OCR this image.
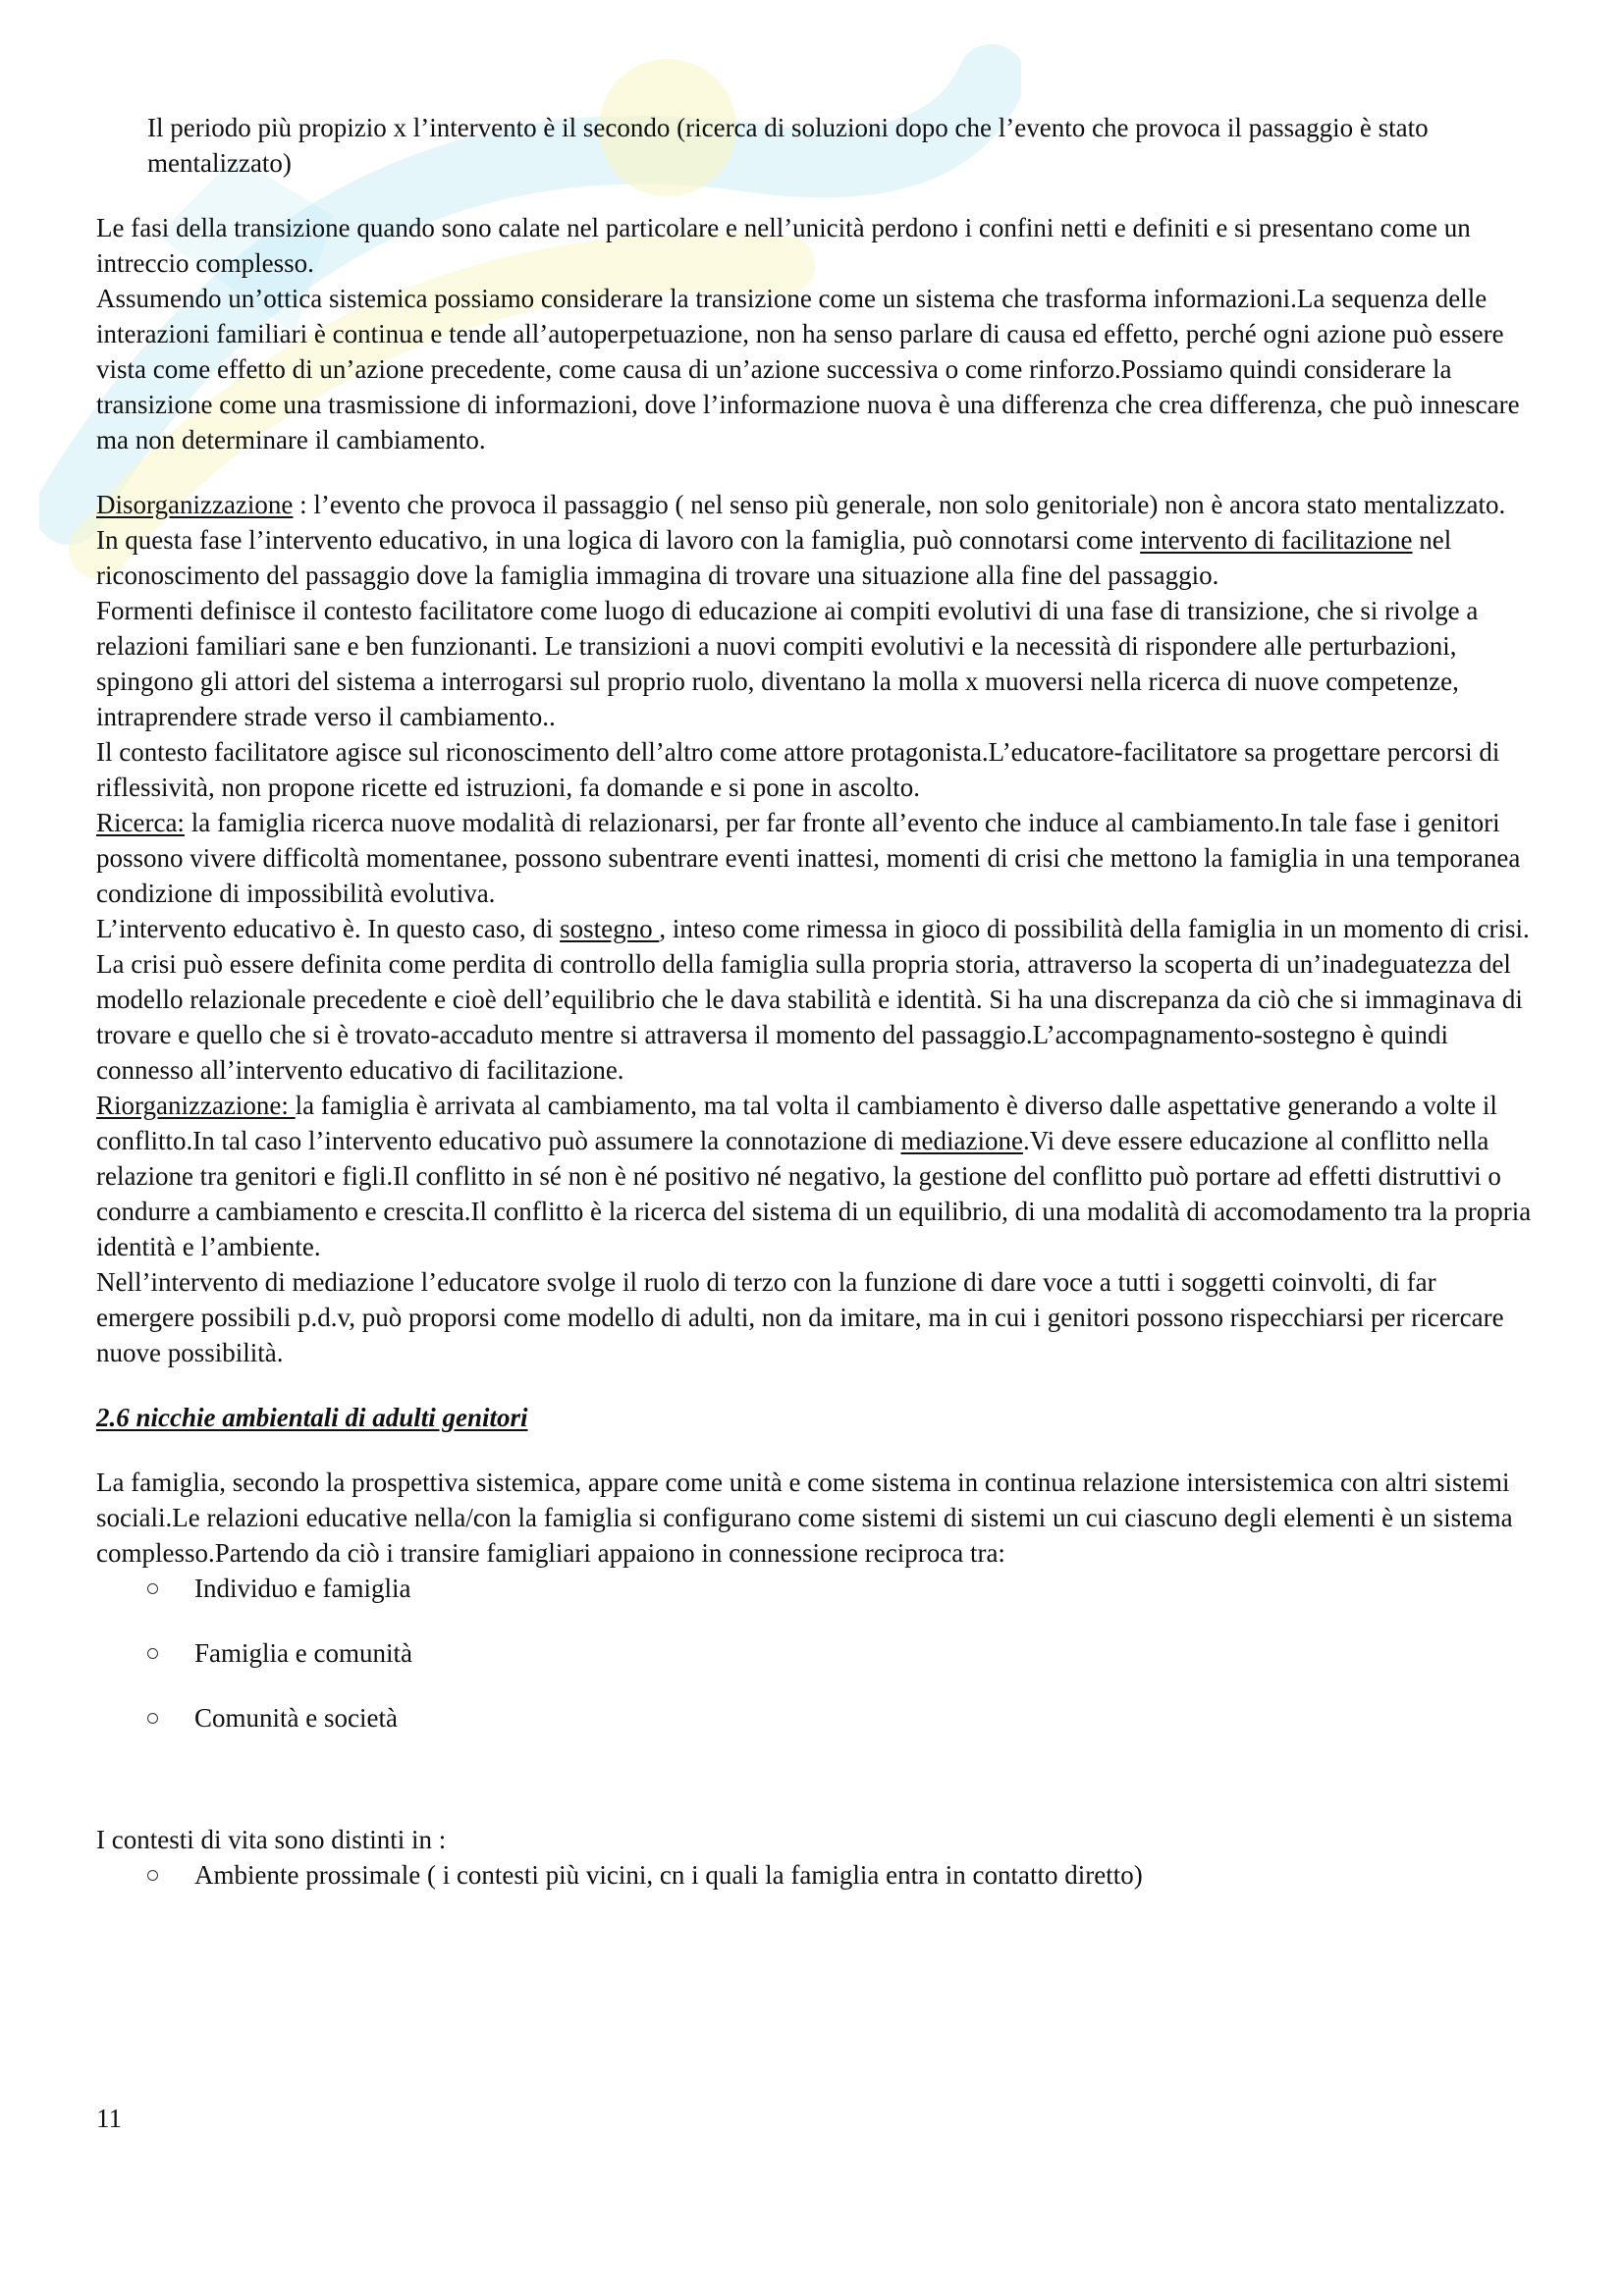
Il periodo più propizio x l’intervento è il secondo (ricerca di soluzioni dopo che l’evento che provoca il passaggio è stato mentalizzato)

Le fasi della transizione quando sono calate nel particolare e nell’unicità perdono i confini netti e definiti e si presentano come un intreccio complesso.

Assumendo un’ottica sistemica possiamo considerare la transizione come un sistema che trasforma informazioni.La sequenza delle interazioni familiari è continua e tende all’autoperpetuazione, non ha senso parlare di causa ed effetto, perché ogni azione può essere vista come effetto di un’azione precedente, come causa di un’azione successiva o come rinforzo.Possiamo quindi considerare la transizione come una trasmissione di informazioni, dove l’informazione nuova è una differenza che crea differenza, che può innescare ma non determinare il cambiamento.

Disorganizzazione : l’evento che provoca il passaggio ( nel senso più generale, non solo genitoriale) non è ancora stato mentalizzato.

In questa fase l’intervento educativo, in una logica di lavoro con la famiglia, può connotarsi come intervento di facilitazione nel riconoscimento del passaggio dove la famiglia immagina di trovare una situazione alla fine del passaggio.

Formenti definisce il contesto facilitatore come luogo di educazione ai compiti evolutivi di una fase di transizione, che si rivolge a relazioni familiari sane e ben funzionanti. Le transizioni a nuovi compiti evolutivi e la necessità di rispondere alle perturbazioni, spingono gli attori del sistema a interrogarsi sul proprio ruolo, diventano la molla x muoversi nella ricerca di nuove competenze, intraprendere strade verso il cambiamento..

Il contesto facilitatore agisce sul riconoscimento dell’altro come attore protagonista.L’educatore-facilitatore sa progettare percorsi di riflessività, non propone ricette ed istruzioni, fa domande e si pone in ascolto.

Ricerca: la famiglia ricerca nuove modalità di relazionarsi, per far fronte all’evento che induce al cambiamento.In tale fase i genitori possono vivere difficoltà momentanee, possono subentrare eventi inattesi, momenti di crisi che mettono la famiglia in una temporanea condizione di impossibilità evolutiva.

L’intervento educativo è. In questo caso, di sostegno , inteso come rimessa in gioco di possibilità della famiglia in un momento di crisi.

La crisi può essere definita come perdita di controllo della famiglia sulla propria storia, attraverso la scoperta di un’inadeguatezza del modello relazionale precedente e cioè dell’equilibrio che le dava stabilità e identità. Si ha una discrepanza da ciò che si immaginava di trovare e quello che si è trovato-accaduto mentre si attraversa il momento del passaggio.L’accompagnamento-sostegno è quindi connesso all’intervento educativo di facilitazione.

Riorganizzazione: la famiglia è arrivata al cambiamento, ma tal volta il cambiamento è diverso dalle aspettative generando a volte il conflitto.In tal caso l’intervento educativo può assumere la connotazione di mediazione.Vi deve essere educazione al conflitto nella relazione tra genitori e figli.Il conflitto in sé non è né positivo né negativo, la gestione del conflitto può portare ad effetti distruttivi o condurre a cambiamento e crescita.Il conflitto è la ricerca del sistema di un equilibrio, di una modalità di accomodamento tra la propria identità e l’ambiente.

Nell’intervento di mediazione l’educatore svolge il ruolo di terzo con la funzione di dare voce a tutti i soggetti coinvolti, di far emergere possibili p.d.v, può proporsi come modello di adulti, non da imitare, ma in cui i genitori possono rispecchiarsi per ricercare nuove possibilità.

2.6 nicchie ambientali di adulti genitori

La famiglia, secondo la prospettiva sistemica, appare come unità e come sistema in continua relazione intersistemica con altri sistemi sociali.Le relazioni educative nella/con la famiglia si configurano come sistemi di sistemi un cui ciascuno degli elementi è un sistema complesso.Partendo da ciò i transire famigliari appaiono in connessione reciproca tra:

Individuo e famiglia
Famiglia e comunità
Comunità e società

I contesti di vita sono distinti in :

Ambiente prossimale ( i contesti più vicini, cn i quali la famiglia entra in contatto diretto)
11
